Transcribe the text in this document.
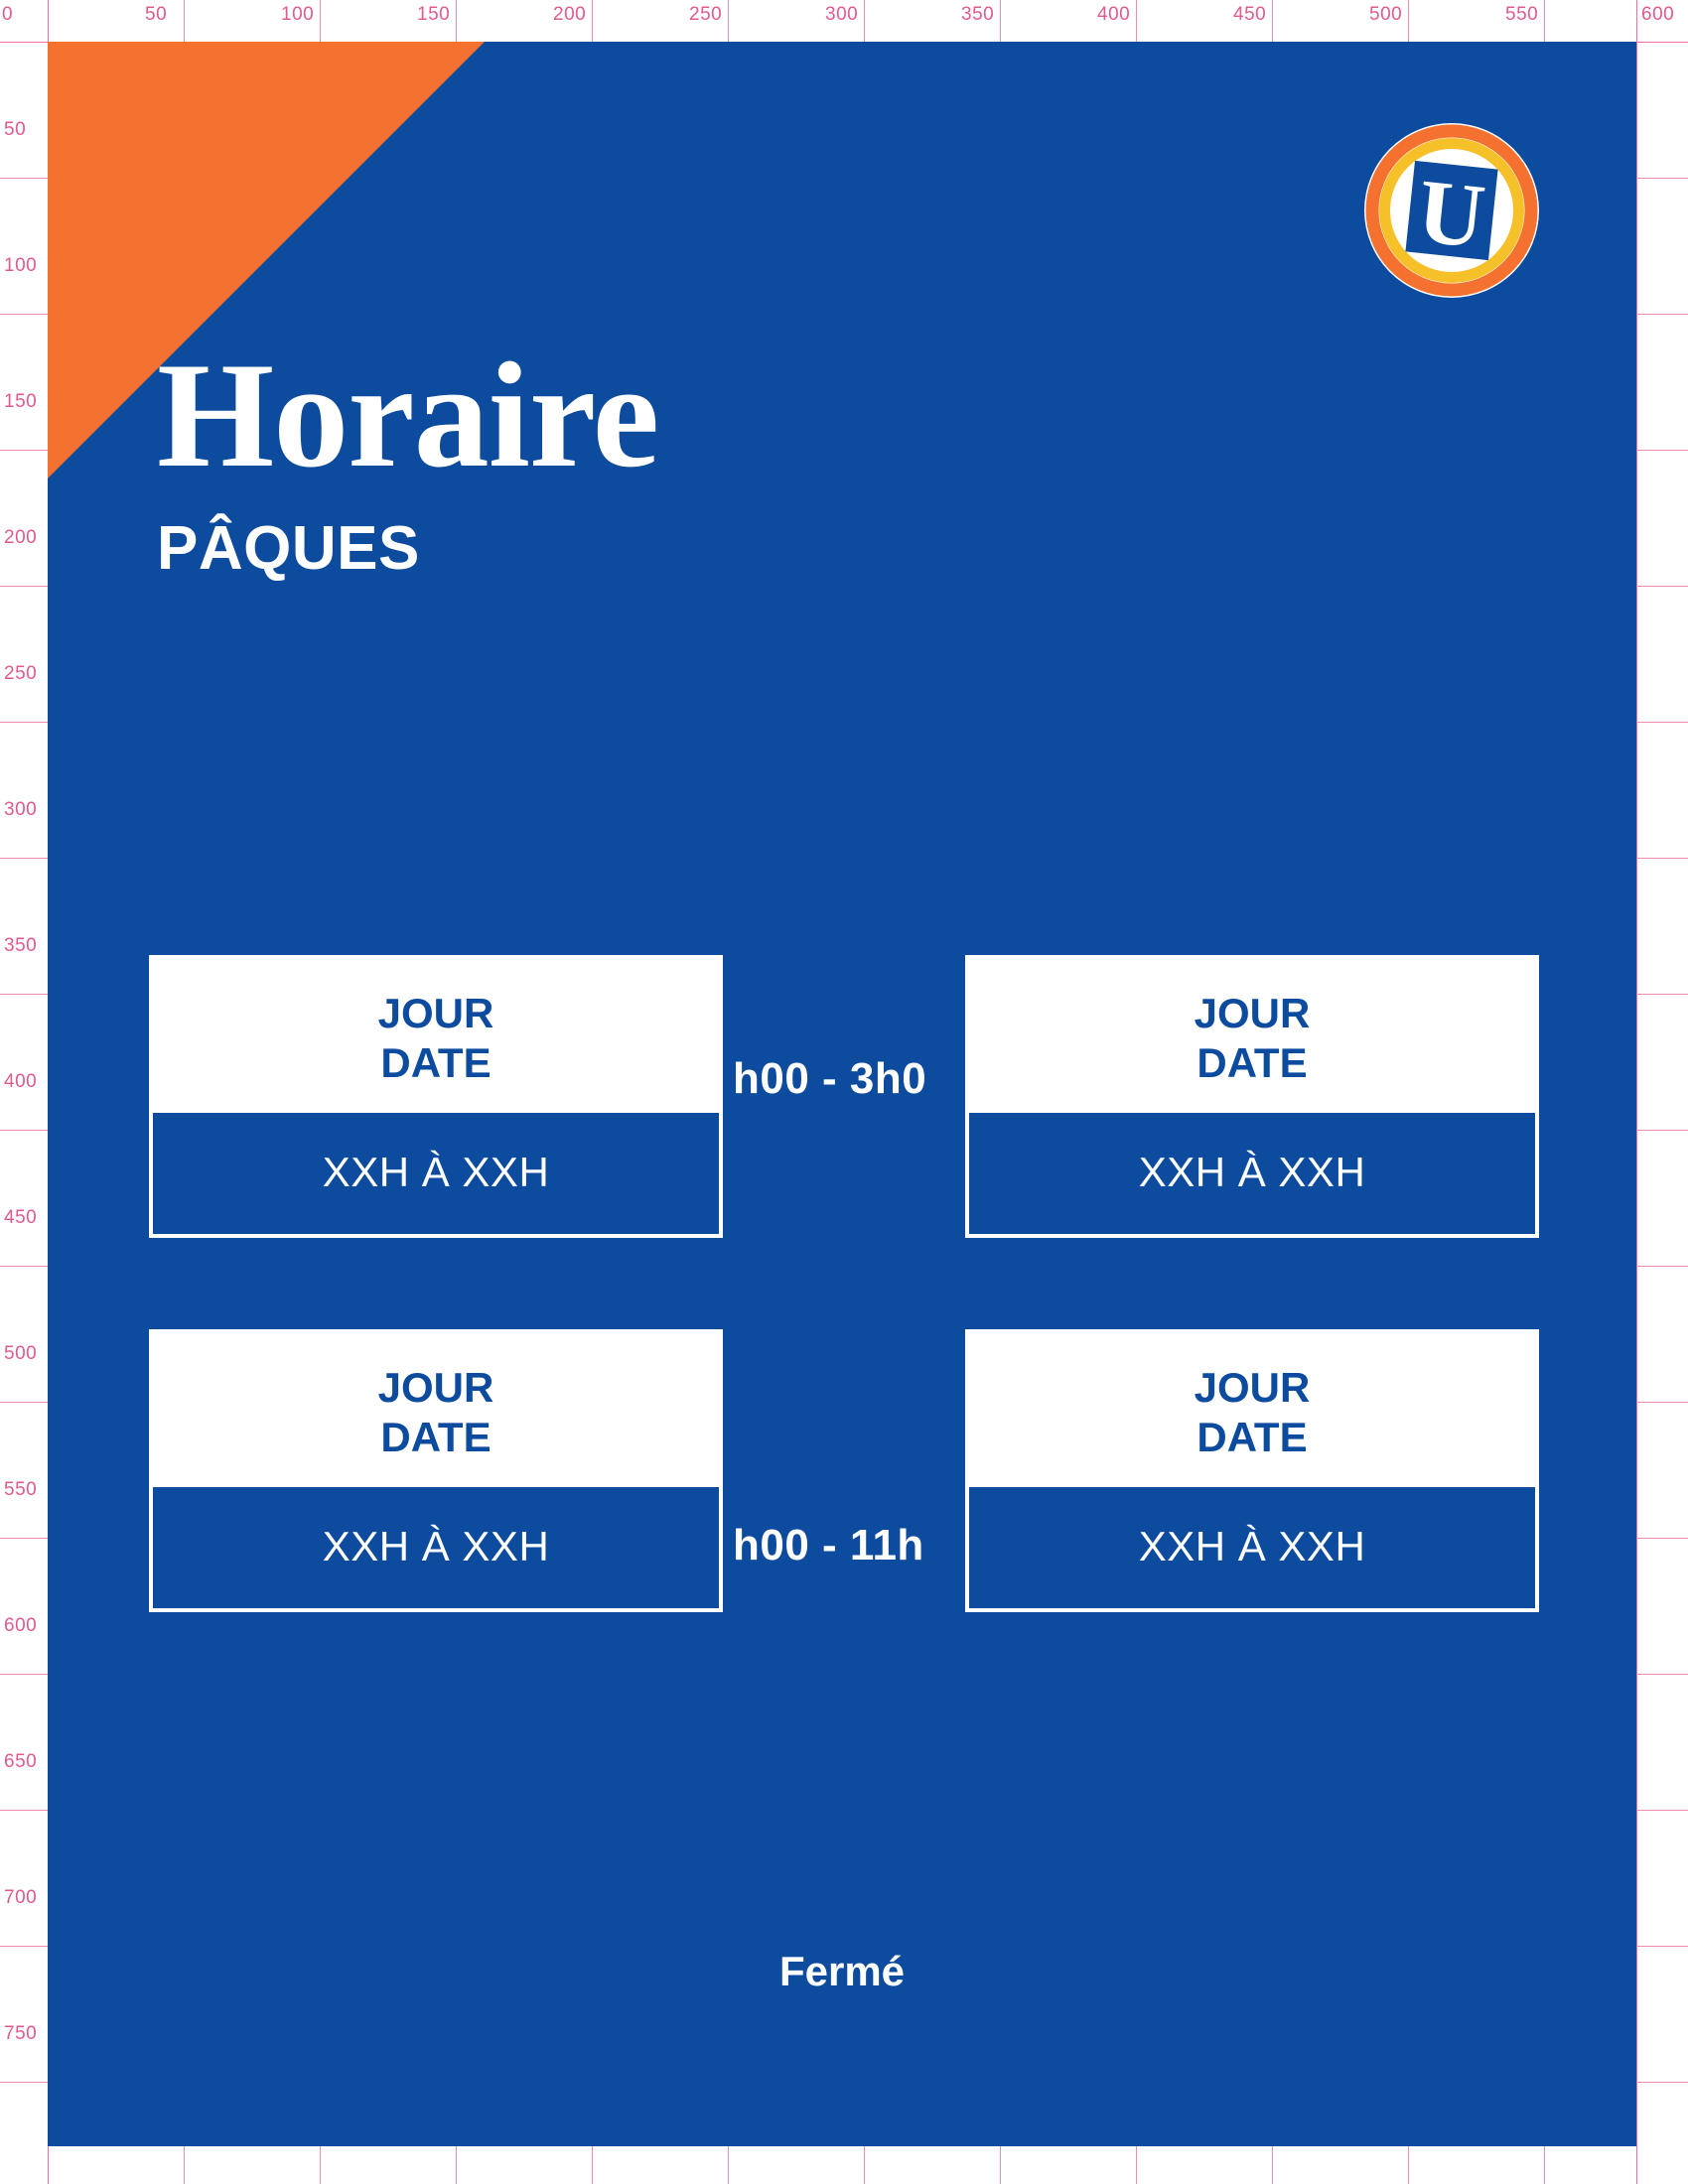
0	50	100	150	200	250	300	350	400	450	500	550	600
50
100
150
200
250
300
350
400
450
500
550
600
650
700
750
U
Horaire
PÂQUES
JOUR
DATE
XXH À XXH
JOUR
DATE
XXH À XXH
JOUR
DATE
XXH À XXH
JOUR
DATE
XXH À XXH
h00 - 3h0
h00 - 11h
Fermé
